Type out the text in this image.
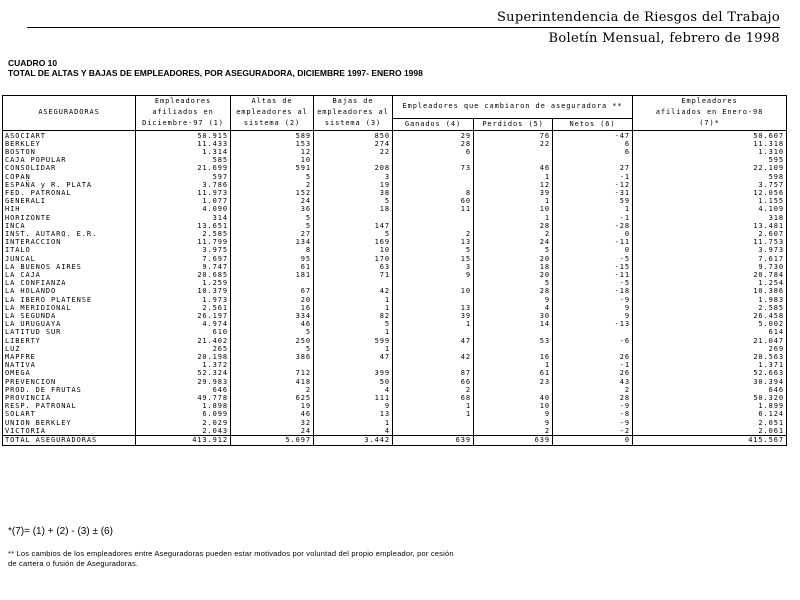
Superintendencia de Riesgos del Trabajo
Boletín Mensual, febrero de 1998
CUADRO 10
TOTAL DE ALTAS Y BAJAS DE EMPLEADORES, POR ASEGURADORA, DICIEMBRE 1997- ENERO 1998
ASEGURADORAS	Empleadores	Altas de	Bajas de	Empleadores que cambiaron de aseguradora **			Empleadores
	afiliados en	empleadores al	empleadores al				afiliados en Enero-98
	Diciembre-97 (1)	sistema (2)	sistema (3)	Ganados (4)	Perdidos (5)	Netos (6)	(7)*
ASOCIART	50.915	589	850	29	76	-47	50.607
BERKLEY	11.433	153	274	28	22	6	11.318
BOSTON	1.314	12	22	6		6	1.310
CAJA POPULAR	585	10					595
CONSOLIDAR	21.699	591	208	73	46	27	22.109
COPAN	597	5	3		1	-1	598
ESPAÑA y R. PLATA	3.786	2	19		12	-12	3.757
FED. PATRONAL	11.973	152	38	8	39	-31	12.056
GENERALI	1.077	24	5	60	1	59	1.155
HIH	4.090	36	18	11	10	1	4.109
HORIZONTE	314	5			1	-1	318
INCA	13.651	5	147		28	-28	13.481
INST. AUTARQ. E.R.	2.585	27	5	2	2	0	2.607
INTERACCION	11.799	134	169	13	24	-11	11.753
ITALO	3.975	8	10	5	5	0	3.973
JUNCAL	7.697	95	170	15	20	-5	7.617
LA BUENOS AIRES	9.747	61	63	3	18	-15	9.730
LA CAJA	20.685	181	71	9	20	-11	20.784
LA CONFIANZA	1.259				5	-5	1.254
LA HOLANDO	10.379	67	42	10	28	-18	10.386
LA IBERO PLATENSE	1.973	20	1		9	-9	1.983
LA MERIDIONAL	2.561	16	1	13	4	9	2.585
LA SEGUNDA	26.197	334	82	39	30	9	26.458
LA URUGUAYA	4.974	46	5	1	14	-13	5.002
LATITUD SUR	610	5	1				614
LIBERTY	21.402	250	599	47	53	-6	21.047
LUZ	265	5	1				269
MAPFRE	20.198	386	47	42	16	26	20.563
NATIVA	1.372				1	-1	1.371
OMEGA	52.324	712	399	87	61	26	52.663
PREVENCION	29.983	418	50	66	23	43	30.394
PROD. DE FRUTAS	646	2	4	2		2	646
PROVINCIA	49.778	625	111	68	40	28	50.320
RESP. PATRONAL	1.898	19	9	1	10	-9	1.899
SOLART	6.099	46	13	1	9	-8	6.124
UNION BERKLEY	2.029	32	1		9	-9	2.051
VICTORIA	2.043	24	4		2	-2	2.061
TOTAL ASEGURADORAS	413.912	5.097	3.442	639	639	0	415.567
*(7)= (1) + (2) - (3) ± (6)
** Los cambios de los empleadores entre Aseguradoras pueden estar motivados por voluntad del propio empleador, por cesión
de cartera o fusión de Aseguradoras.
